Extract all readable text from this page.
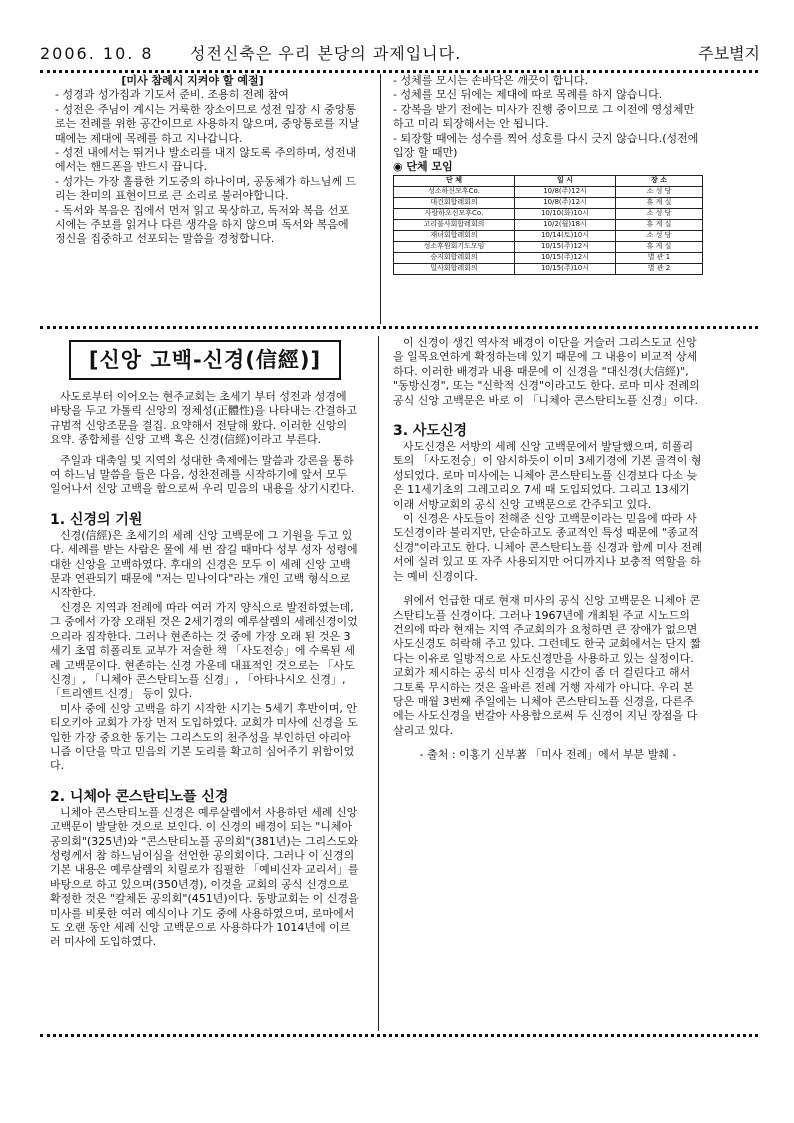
2006. 10. 8 성전신축은 우리 본당의 과제입니다.	주보별지

[미사 참례시 지켜야 할 예절]

- 성경과 성가집과 기도서 준비. 조용히 전례 참여

- 성전은 주님이 계시는 거룩한 장소이므로 성전 입장 시 중앙통로는 전례를 위한 공간이므로 사용하지 않으며, 중앙통로를 지날 때에는 제대에 목례를 하고 지나갑니다.

- 성전 내에서는 뛰거나 발소리를 내지 않도록 주의하며, 성전내에서는 핸드폰을 반드시 끕니다.

- 성가는 가장 훌륭한 기도중의 하나이며, 공동체가 하느님께 드리는 찬미의 표현이므로 큰 소리로 불러야합니다.

- 독서와 복음은 집에서 먼저 읽고 묵상하고, 독저와 복음 선포 시에는 주보를 읽거나 다른 생각을 하지 않으며 독서와 복음에 정신을 집중하고 선포되는 말씀을 경청합니다.

- 성체를 모시는 손바닥은 깨끗이 합니다.

- 성체를 모신 뒤에는 제대에 따로 목례를 하지 않습니다.

- 강복을 받기 전에는 미사가 진행 중이므로 그 이전에 영성체만 하고 미리 퇴장해서는 안 됩니다.

- 퇴장할 때에는 성수를 찍어 성호를 다시 긋지 않습니다.(성전에 입장 할 때만)

◉ 단체 모임

단 체	일 시	장 소
성소하신모후Co.	10/8(주)12시	소 성 당
대건회합레회의	10/8(주)12시	휴 게 실
사랑하오신모후Co.	10/10(화)10시	소 성 당
고리불사회합레회의	10/2(월)18시	휴 게 실
재녀회합레회의	10/14(토)10시	소 성 당
성소후원회기도모임	10/15(주)12시	휴 게 실
승지회합레회의	10/15(주)12시	별 관 1
밀사회합레회의	10/15(주)10시	별 관 2
[신앙 고백-신경(信經)]

사도로부터 이어오는 현주교회는 초세기 부터 성전과 성경에 바탕을 두고 가톨릭 신앙의 정체성(正體性)을 나타내는 간결하고 규범적 신앙조문을 결집. 요약해서 전달해 왔다. 이러한 신앙의 요약. 종합체를 신앙 고백 혹은 신경(信經)이라고 부른다.

주일과 대축일 및 지역의 성대한 축제에는 말씀과 강론을 통하여 하느님 말씀을 들은 다음, 성찬전례를 시작하기에 앞서 모두 일어나서 신앙 고백을 함으로써 우리 믿음의 내용을 상기시킨다.

1. 신경의 기원

신경(信經)은 초세기의 세례 신앙 고백문에 그 기원을 두고 있다. 세례를 받는 사람은 물에 세 번 잠길 때마다 성부 성자 성령에 대한 신앙을 고백하였다. 후대의 신경은 모두 이 세례 신앙 고백문과 연관되기 때문에 "저는 믿나이다"라는 개인 고백 형식으로 시작한다.

신경은 지역과 전례에 따라 여러 가지 양식으로 발전하였는데, 그 중에서 가장 오래된 것은 2세기경의 예루살렘의 세례신경이었으리라 짐작한다. 그러나 현존하는 것 중에 가장 오래 된 것은 3세기 초엽 히폴리토 교부가 저술한 책 「사도전승」에 수록된 세례 고백문이다. 현존하는 신경 가운데 대표적인 것으로는 「사도신경」, 「니체아 콘스탄티노플 신경」, 「아타나시오 신경」, 「트리엔트 신경」 등이 있다.

미사 중에 신앙 고백을 하기 시작한 시기는 5세기 후반이며, 안티오키아 교회가 가장 먼저 도입하였다. 교회가 미사에 신경을 도입한 가장 중요한 동기는 그리스도의 천주성을 부인하던 아리아니즘 이단을 막고 믿음의 기본 도리를 확고히 심어주기 위함이었다.

2. 니체아 콘스탄티노플 신경

니체아 콘스탄티노플 신경은 예루살렘에서 사용하던 세례 신앙 고백문이 발달한 것으로 보인다. 이 신경의 배경이 되는 "니체아 공의회"(325년)와 "콘스탄티노플 공의회"(381년)는 그리스도와 성령께서 참 하느님이심을 선언한 공의회이다. 그러나 이 신경의 기본 내용은 예루살렘의 치릴로가 집필한 「예비신자 교리서」를 바탕으로 하고 있으며(350년경), 이것을 교회의 공식 신경으로 확정한 것은 "칼체돈 공의회"(451년)이다. 동방교회는 이 신경을 미사를 비롯한 여러 예식이나 기도 중에 사용하였으며, 로마에서도 오랜 동안 세례 신앙 고백문으로 사용하다가 1014년에 이르러 미사에 도입하였다.

이 신경이 생긴 역사적 배경이 이단을 거슬러 그리스도교 신앙을 일목요연하게 확정하는데 있기 때문에 그 내용이 비교적 상세하다. 이러한 배경과 내용 때문에 이 신경을 "대신경(大信經)", "동방신경", 또는 "신학적 신경"이라고도 한다. 로마 미사 전례의 공식 신앙 고백문은 바로 이 「니체아 콘스탄티노플 신경」이다.

3. 사도신경

사도신경은 서방의 세례 신앙 고백문에서 발달했으며, 히폴리토의 「사도전승」이 암시하듯이 이미 3세기경에 기본 골격이 형성되었다. 로마 미사에는 니체아 콘스탄티노플 신경보다 다소 늦은 11세기초의 그레고리오 7세 때 도입되었다. 그리고 13세기 이래 서방교회의 공식 신앙 고백문으로 간주되고 있다.

이 신경은 사도들이 전해준 신앙 고백문이라는 믿음에 따라 사도신경이라 불리지만, 단순하고도 종교적인 특성 때문에 "종교적 신경"이라고도 한다. 니체아 콘스탄티노플 신경과 함께 미사 전례서에 실려 있고 또 자주 사용되지만 어디까지나 보충적 역할을 하는 예비 신경이다.

위에서 언급한 대로 현재 미사의 공식 신앙 고백문은 니체아 콘스탄티노플 신경이다. 그러나 1967년에 개최된 주교 시노드의 건의에 따라 현재는 지역 주교회의가 요청하면 큰 장애가 없으면 사도신경도 허락해 주고 있다. 그런데도 한국 교회에서는 단지 짧다는 이유로 일방적으로 사도신경만을 사용하고 있는 실정이다. 교회가 제시하는 공식 미사 신경을 시간이 좀 더 걸린다고 해서 그토록 무시하는 것은 올바른 전례 거행 자세가 아니다. 우리 본당은 매월 3번째 주일에는 니체아 콘스탄티노플 신경을, 다른주에는 사도신경을 번갈아 사용함으로써 두 신경이 지닌 장점을 다 살리고 있다.

- 출처 : 이홍기 신부著 「미사 전례」에서 부분 발췌 -
